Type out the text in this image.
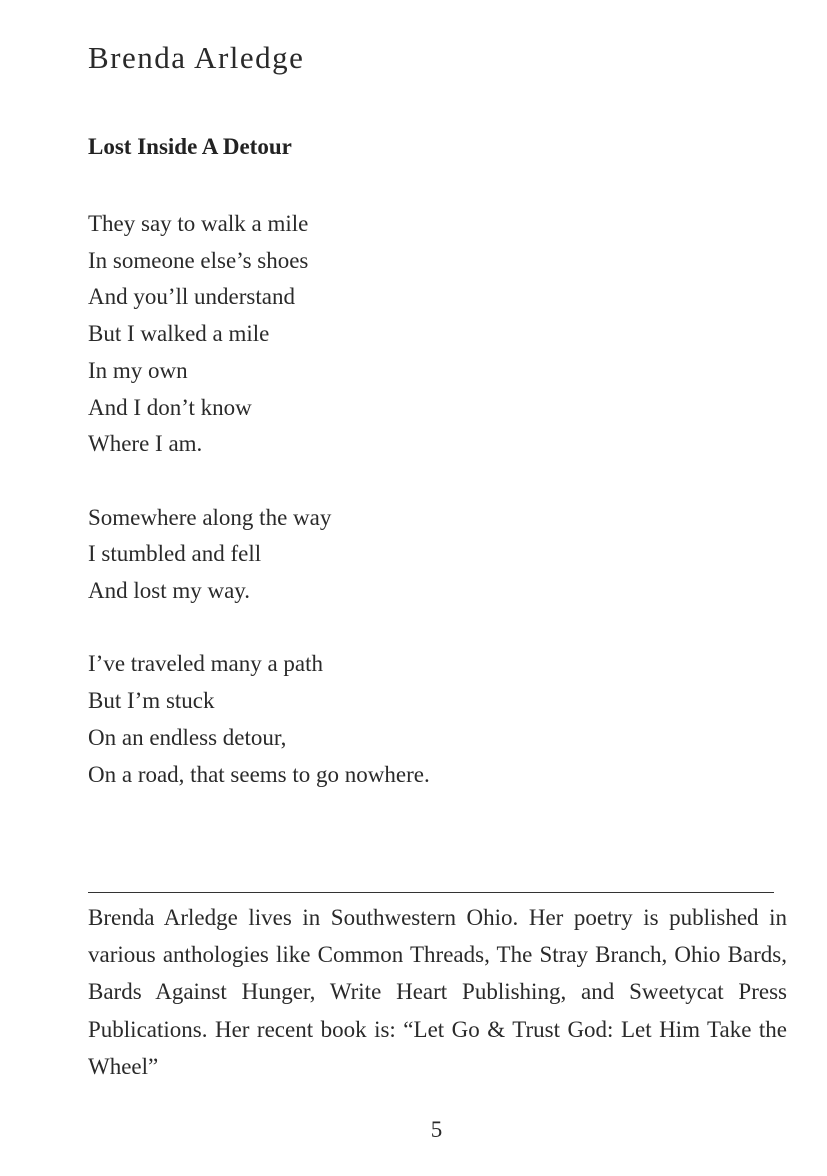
Brenda Arledge
Lost Inside A Detour
They say to walk a mile
In someone else’s shoes
And you’ll understand
But I walked a mile
In my own
And I don’t know
Where I am.
Somewhere along the way
I stumbled and fell
And lost my way.
I’ve traveled many a path
But I’m stuck
On an endless detour,
On a road, that seems to go nowhere.

Brenda Arledge lives in Southwestern Ohio. Her poetry is published in various anthologies like Common Threads, The Stray Branch, Ohio Bards, Bards Against Hunger, Write Heart Publishing, and Sweetycat Press Publications. Her recent book is: “Let Go & Trust God: Let Him Take the Wheel”

5
